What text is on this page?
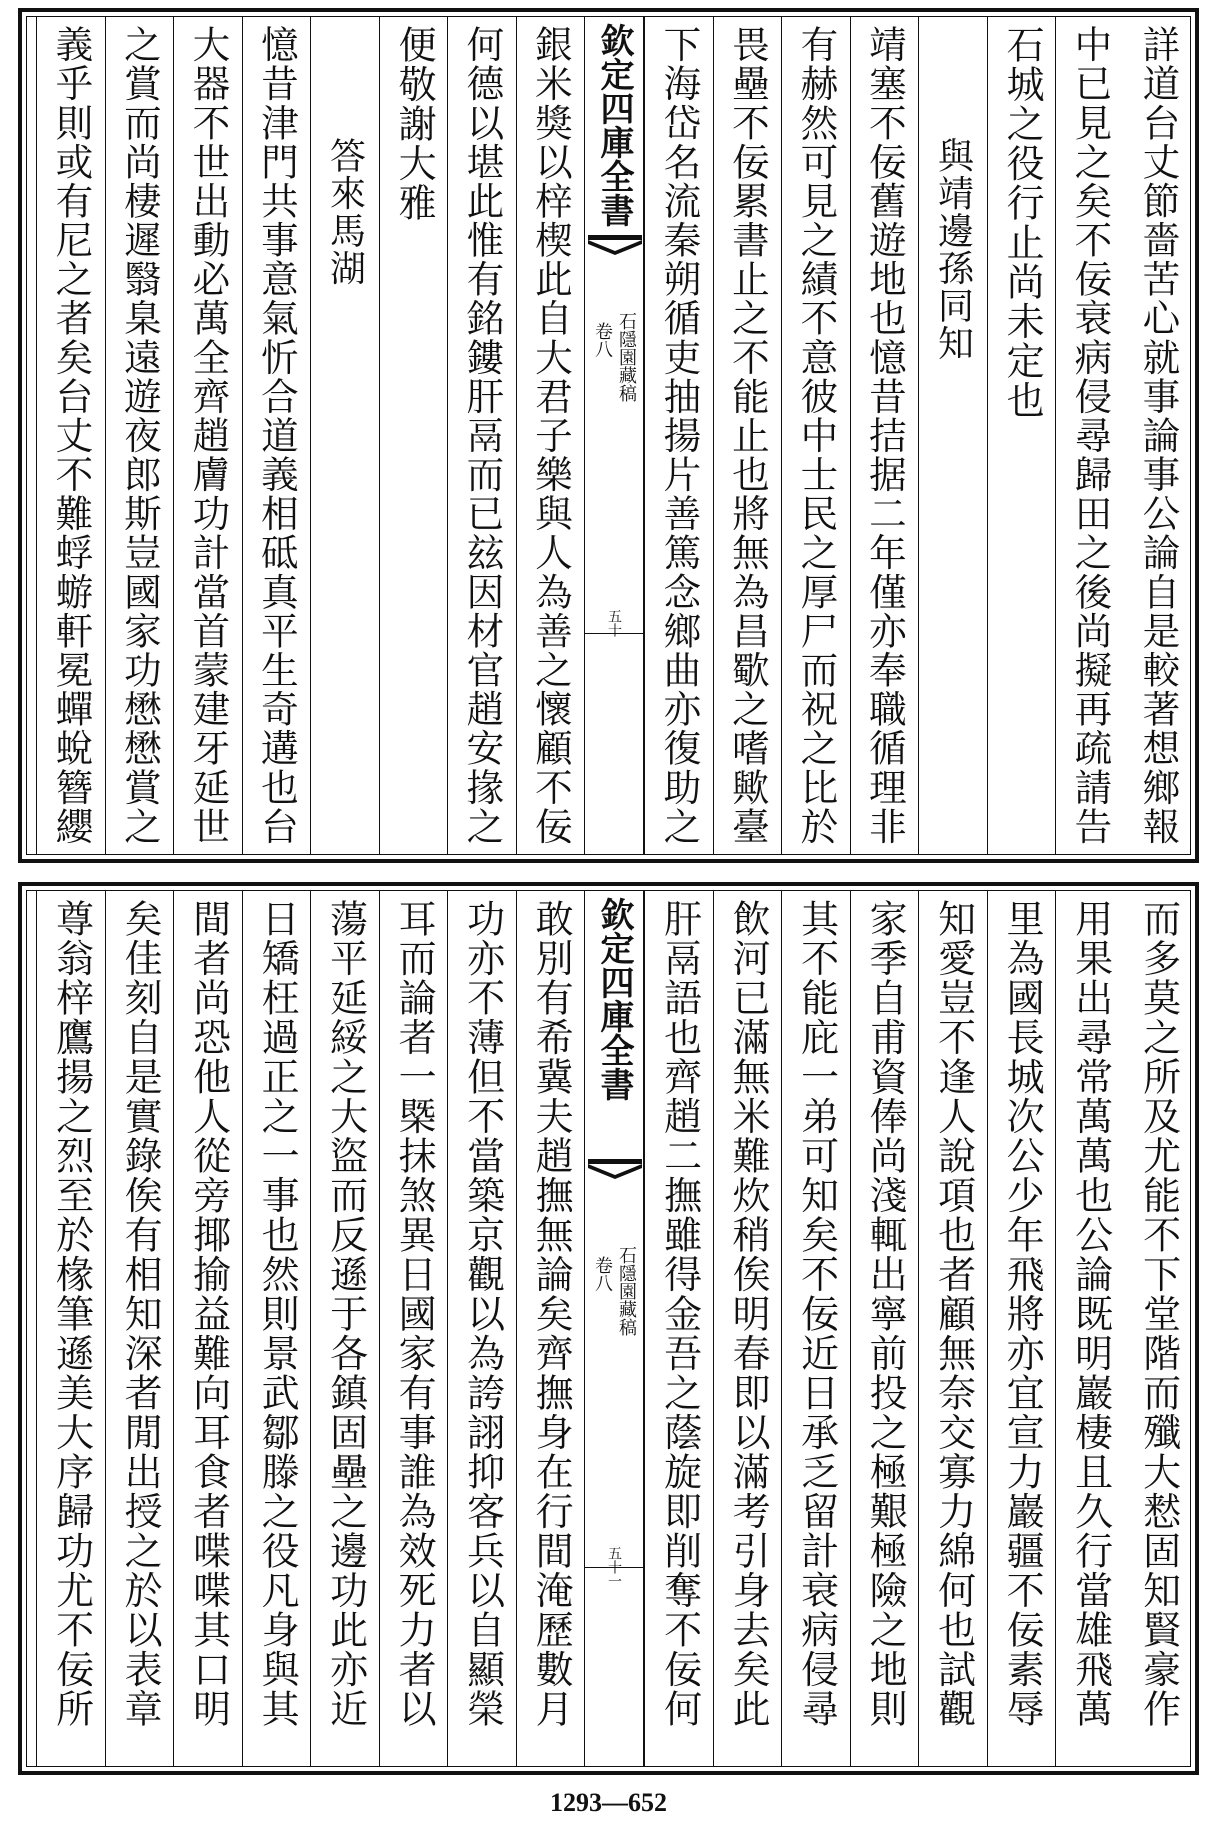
詳道台丈節嗇苦心就事論事公論自是較著想鄉報
中已見之矣不佞衰病侵尋歸田之後尚擬再疏請告
石城之役行止尚未定也
與靖邊孫同知
靖塞不佞舊遊地也憶昔拮据二年僅亦奉職循理非
有赫然可見之績不意彼中士民之厚尸而祝之比於
畏壘不佞累書止之不能止也將無為昌歜之嗜歟臺
下海岱名流秦朔循吏抽揚片善篤念鄉曲亦復助之
欽定四庫全書
石隱園藏稿
卷八
五十
銀米獎以梓楔此自大君子樂與人為善之懷顧不佞
何德以堪此惟有銘鏤肝鬲而已玆因材官趙安掾之
便敬謝大雅
答來馬湖
憶昔津門共事意氣忻合道義相砥真平生奇遘也台
大器不世出動必萬全齊趙膚功計當首蒙建牙延世
之賞而尚棲遲翳臬遠遊夜郎斯豈國家功懋懋賞之
義乎則或有尼之者矣台丈不難蜉蝣軒冕蟬蛻簪纓
而多莫之所及尤能不下堂階而殲大慭固知賢豪作
用果出尋常萬萬也公論既明巖棲且久行當雄飛萬
里為國長城次公少年飛將亦宜宣力巖疆不佞素辱
知愛豈不逢人說項也者顧無奈交寡力綿何也試觀
家季自甫資俸尚淺輒出寧前投之極艱極險之地則
其不能庇一弟可知矣不佞近日承乏留計衰病侵尋
飲河已滿無米難炊稍俟明春即以滿考引身去矣此
肝鬲語也齊趙二撫雖得金吾之蔭旋即削奪不佞何
欽定四庫全書
石隱園藏稿
卷八
五十一
敢別有希冀夫趙撫無論矣齊撫身在行間淹歷數月
功亦不薄但不當築京觀以為誇詡抑客兵以自顯榮
耳而論者一槩抹煞異日國家有事誰為效死力者以
蕩平延綏之大盜而反遜于各鎮固壘之邊功此亦近
日矯枉過正之一事也然則景武鄒滕之役凡身與其
間者尚恐他人從旁揶揄益難向耳食者喋喋其口明
矣佳刻自是實錄俟有相知深者閒出授之於以表章
尊翁梓鷹揚之烈至於椽筆遜美大序歸功尤不佞所
1293—652
